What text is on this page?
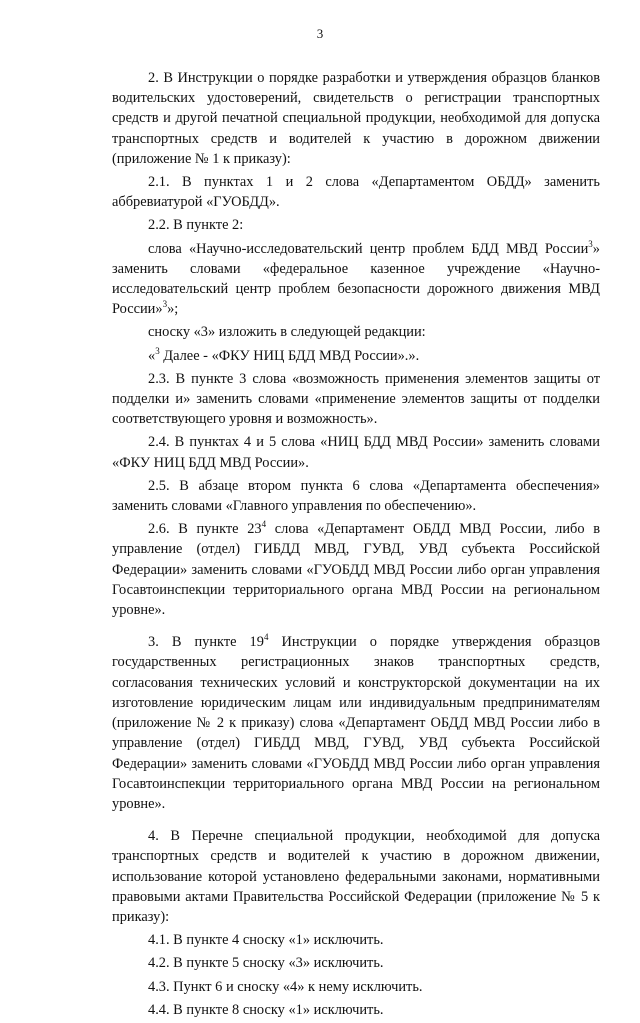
3

2. В Инструкции о порядке разработки и утверждения образцов бланков водительских удостоверений, свидетельств о регистрации транспортных средств и другой печатной специальной продукции, необходимой для допуска транспортных средств и водителей к участию в дорожном движении (приложение № 1 к приказу):

2.1. В пунктах 1 и 2 слова «Департаментом ОБДД» заменить аббревиатурой «ГУОБДД».

2.2. В пункте 2:

слова «Научно-исследовательский центр проблем БДД МВД России$^3$» заменить словами «федеральное казенное учреждение «Научно-исследовательский центр проблем безопасности дорожного движения МВД России»$^3$»;

сноску «3» изложить в следующей редакции:

«$^3$ Далее - «ФКУ НИЦ БДД МВД России».».

2.3. В пункте 3 слова «возможность применения элементов защиты от подделки и» заменить словами «применение элементов защиты от подделки соответствующего уровня и возможность».

2.4. В пунктах 4 и 5 слова «НИЦ БДД МВД России» заменить словами «ФКУ НИЦ БДД МВД России».

2.5. В абзаце втором пункта 6 слова «Департамента обеспечения» заменить словами «Главного управления по обеспечению».

2.6. В пункте $23^4$ слова «Департамент ОБДД МВД России, либо в управление (отдел) ГИБДД МВД, ГУВД, УВД субъекта Российской Федерации» заменить словами «ГУОБДД МВД России либо орган управления Госавтоинспекции территориального органа МВД России на региональном уровне».

3. В пункте $19^4$ Инструкции о порядке утверждения образцов государственных регистрационных знаков транспортных средств, согласования технических условий и конструкторской документации на их изготовление юридическим лицам или индивидуальным предпринимателям (приложение № 2 к приказу) слова «Департамент ОБДД МВД России либо в управление (отдел) ГИБДД МВД, ГУВД, УВД субъекта Российской Федерации» заменить словами «ГУОБДД МВД России либо орган управления Госавтоинспекции территориального органа МВД России на региональном уровне».

4. В Перечне специальной продукции, необходимой для допуска транспортных средств и водителей к участию в дорожном движении, использование которой установлено федеральными законами, нормативными правовыми актами Правительства Российской Федерации (приложение № 5 к приказу):

4.1. В пункте 4 сноску «1» исключить.

4.2. В пункте 5 сноску «3» исключить.

4.3. Пункт 6 и сноску «4» к нему исключить.

4.4. В пункте 8 сноску «1» исключить.
